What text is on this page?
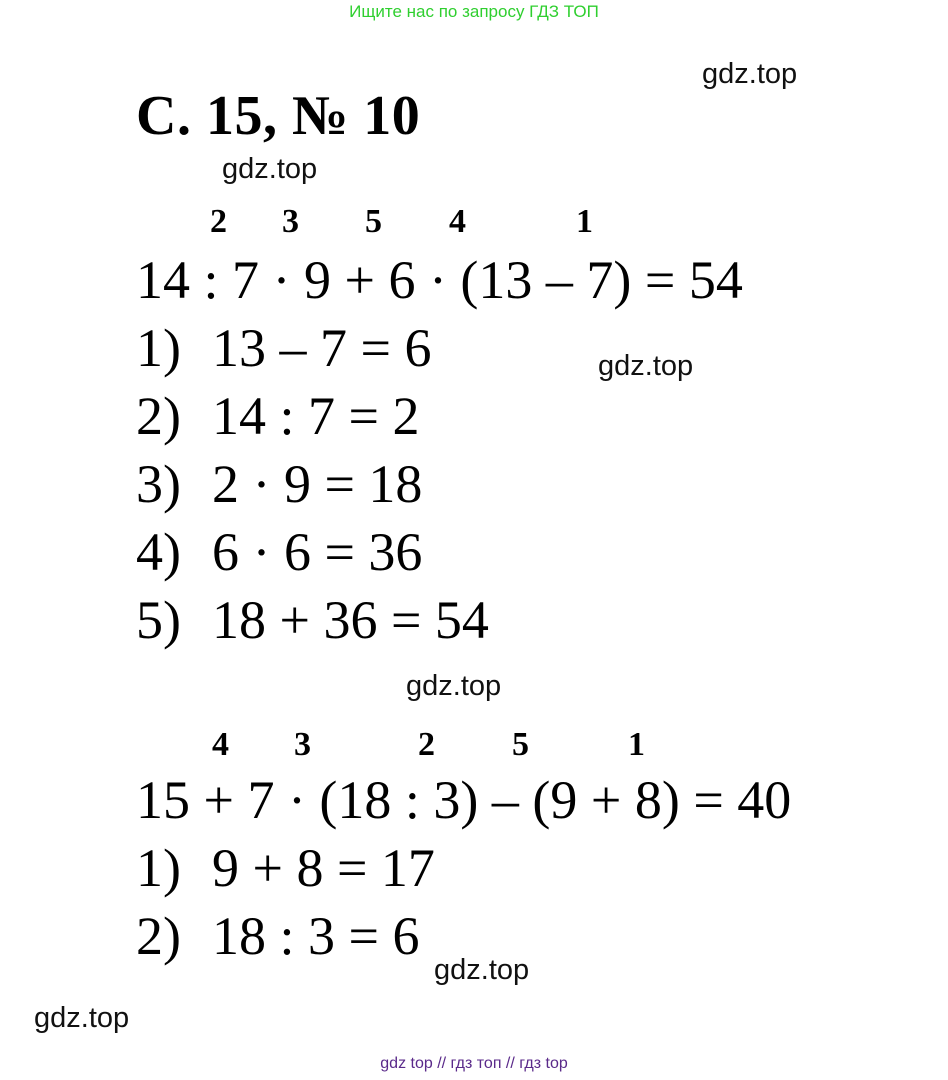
Ищите нас по запросу ГДЗ ТОП
gdz.top
С. 15, № 10
gdz.top
2 3 5 4	1
14 : 7 · 9 + 6 · (13 – 7) = 54
1) 13 – 7 = 6	gdz.top
2) 14 : 7 = 2
3) 2 · 9 = 18
4) 6 · 6 = 36
5) 18 + 36 = 54
gdz.top
4 3	2 5	1
15 + 7 · (18 : 3) – (9 + 8) = 40
1) 9 + 8 = 17
2) 18 : 3 = 6
gdz.top
gdz.top
gdz top // гдз топ // гдз top
